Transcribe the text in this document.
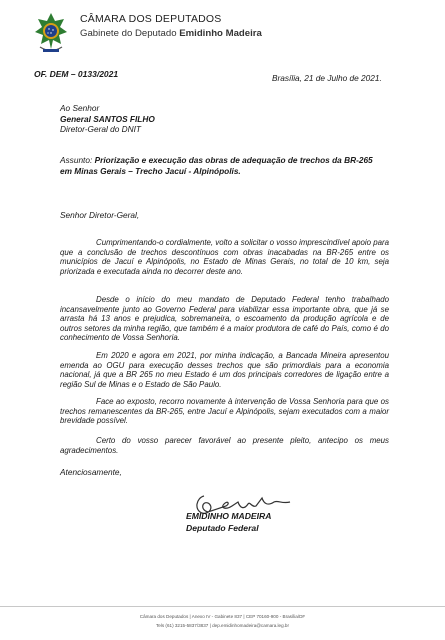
CÂMARA DOS DEPUTADOS
Gabinete do Deputado Emidinho Madeira
OF. DEM – 0133/2021	Brasília, 21 de Julho de 2021.
Ao Senhor
General SANTOS FILHO
Diretor-Geral do DNIT
Assunto: Priorização e execução das obras de adequação de trechos da BR-265 em Minas Gerais – Trecho Jacuí - Alpinópolis.
Senhor Diretor-Geral,
Cumprimentando-o cordialmente, volto a solicitar o vosso imprescindível apoio para que a conclusão de trechos descontínuos com obras inacabadas na BR-265 entre os municípios de Jacuí e Alpinópolis, no Estado de Minas Gerais, no total de 10 km, seja priorizada e executada ainda no decorrer deste ano.
Desde o início do meu mandato de Deputado Federal tenho trabalhado incansavelmente junto ao Governo Federal para viabilizar essa importante obra, que já se arrasta há 13 anos e prejudica, sobremaneira, o escoamento da produção agrícola e de outros setores da minha região, que também é a maior produtora de café do País, como é do conhecimento de Vossa Senhoria.
Em 2020 e agora em 2021, por minha indicação, a Bancada Mineira apresentou emenda ao OGU para execução desses trechos que são primordiais para a economia nacional, já que a BR 265 no meu Estado é um dos principais corredores de ligação entre a região Sul de Minas e o Estado de São Paulo.
Face ao exposto, recorro novamente à intervenção de Vossa Senhoria para que os trechos remanescentes da BR-265, entre Jacuí e Alpinópolis, sejam executados com a maior brevidade possível.
Certo do vosso parecer favorável ao presente pleito, antecipo os meus agradecimentos.
Atenciosamente,
EMIDINHO MADEIRA
Deputado Federal
Câmara dos Deputados | Anexo IV - Gabinete 837 | CEP 70160-900 - Brasília/DF
Tels (61) 3215-5837/3837 | dep.emidinhomadeira@camara.leg.br
